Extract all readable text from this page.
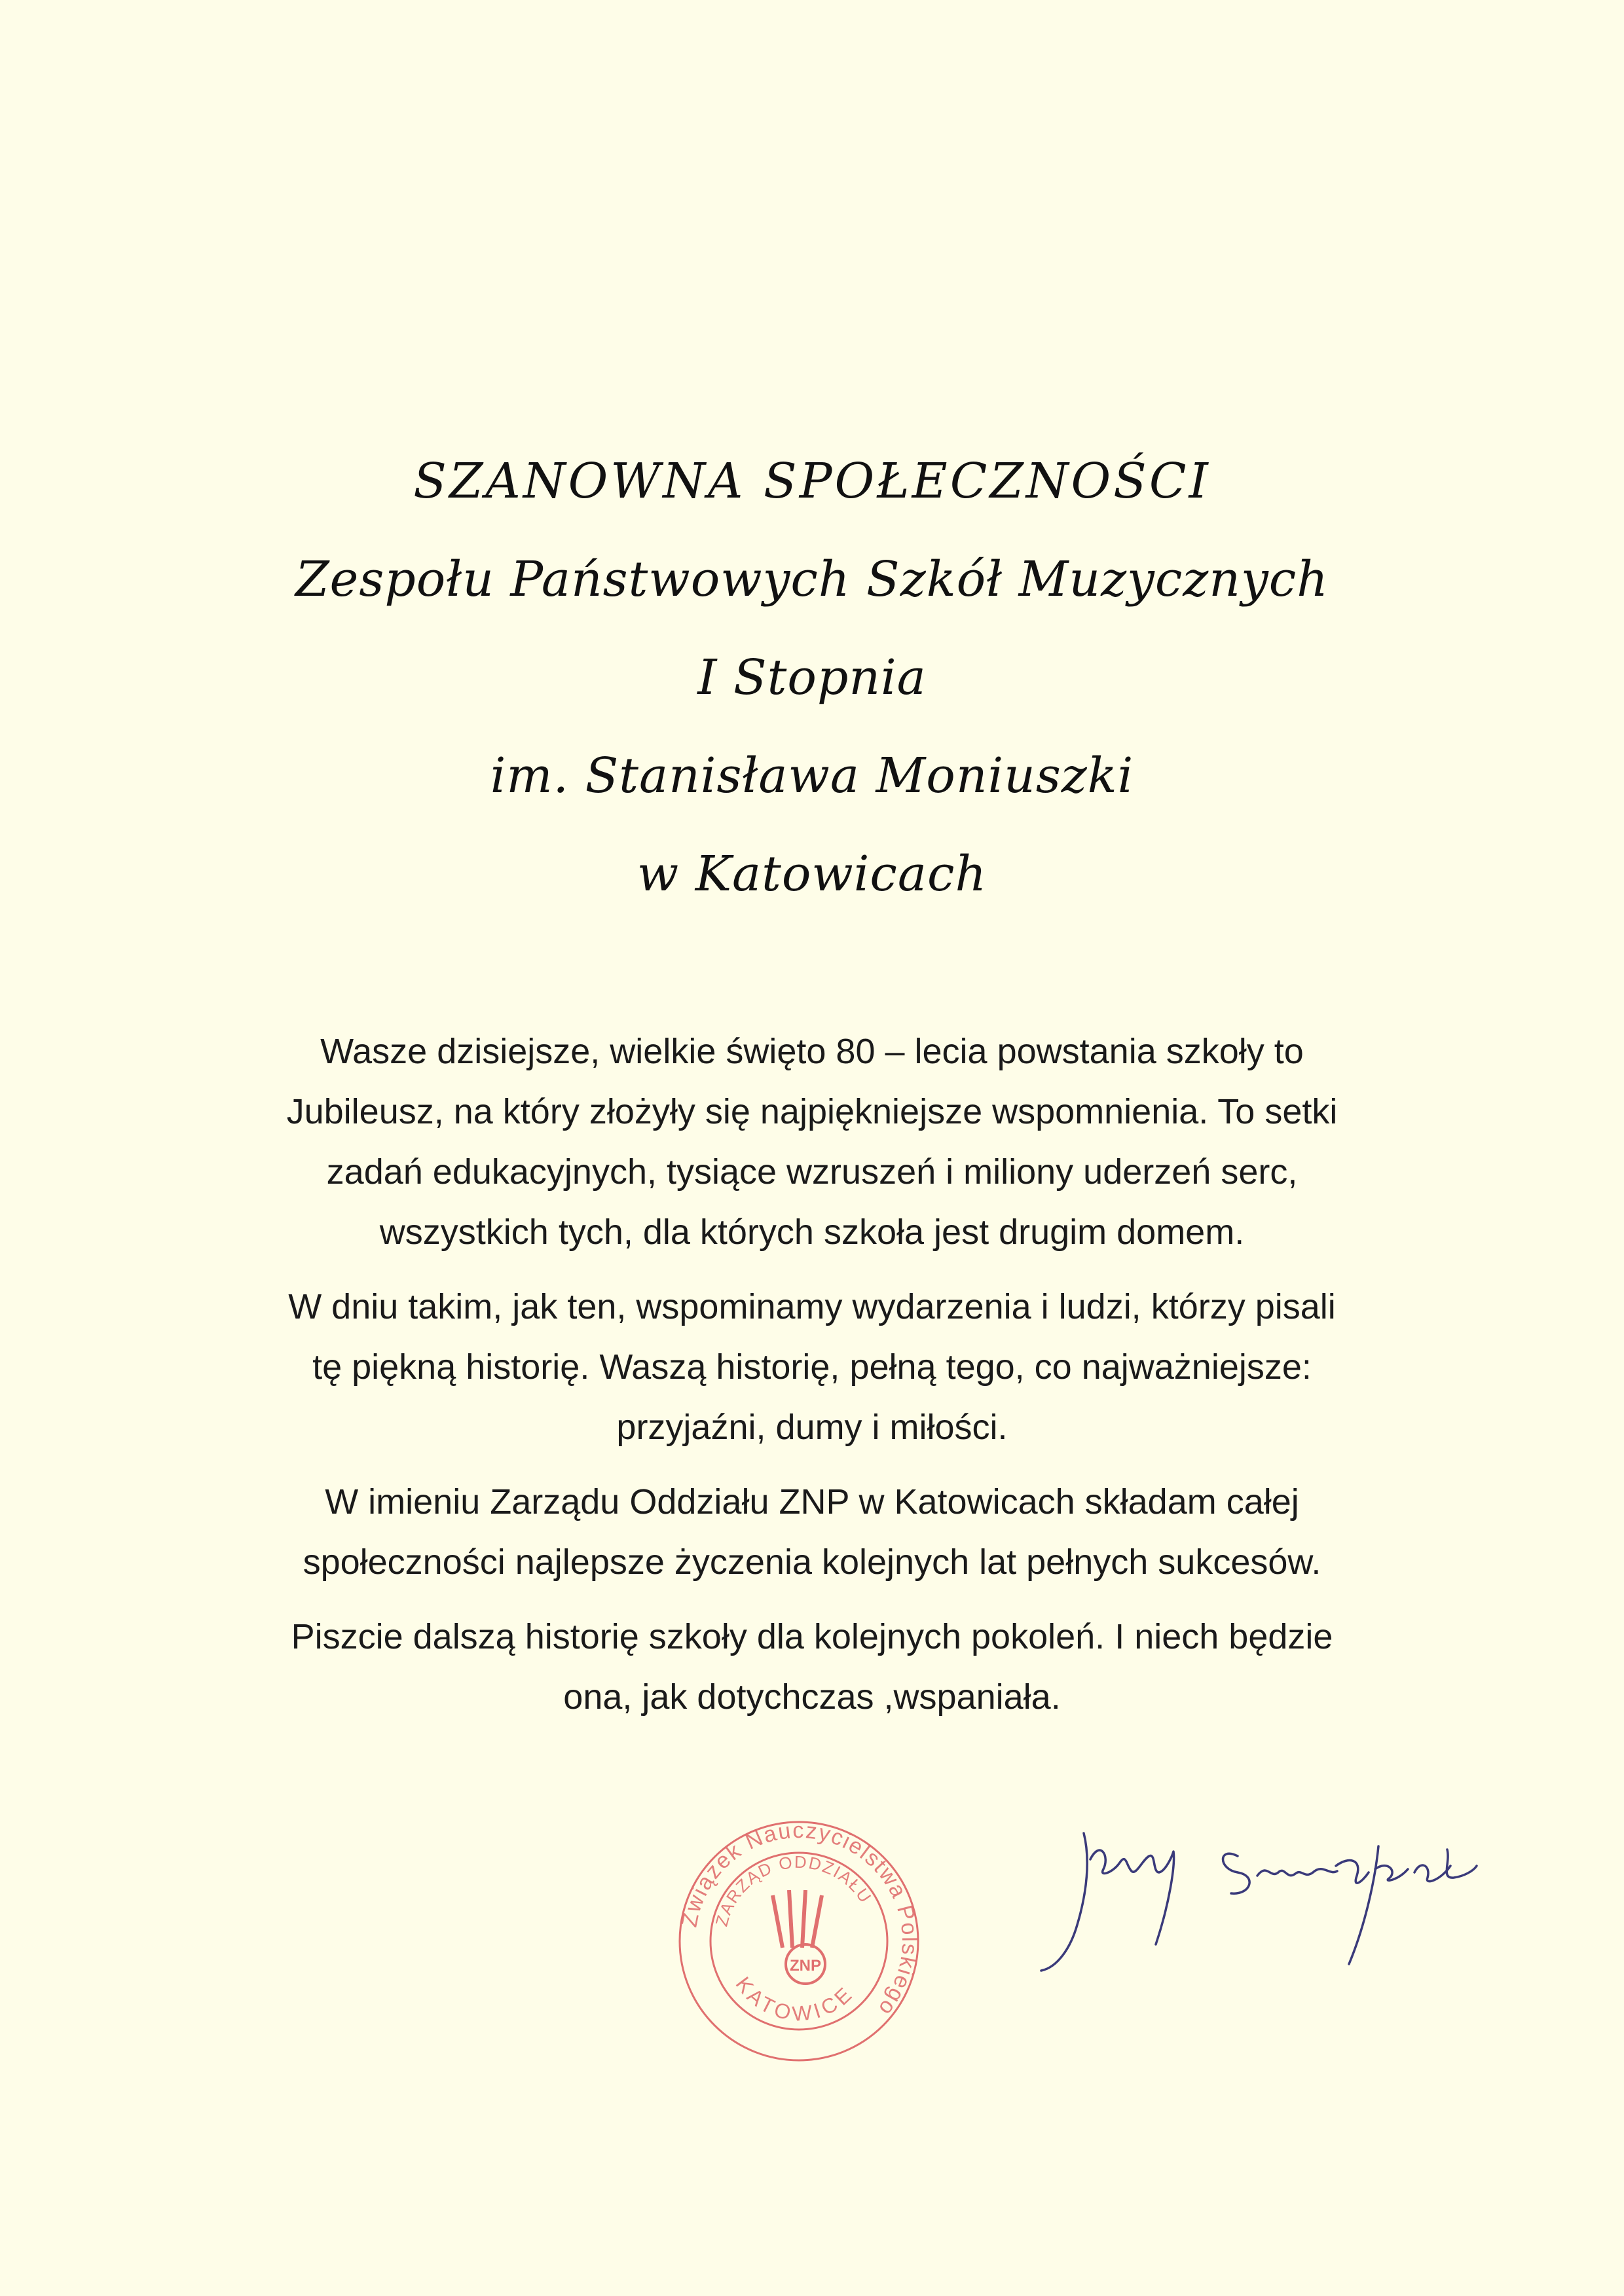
SZANOWNA SPOŁECZNOŚCI
Zespołu Państwowych Szkół Muzycznych
I Stopnia
im. Stanisława Moniuszki
w Katowicach

Wasze dzisiejsze, wielkie święto 80 – lecia powstania szkoły to
Jubileusz, na który złożyły się najpiękniejsze wspomnienia. To setki
zadań edukacyjnych, tysiące wzruszeń i miliony uderzeń serc,
wszystkich tych, dla których szkoła jest drugim domem.

W dniu takim, jak ten, wspominamy wydarzenia i ludzi, którzy pisali
tę piękną historię. Waszą historię, pełną tego, co najważniejsze:
przyjaźni, dumy i miłości.

W imieniu Zarządu Oddziału ZNP w Katowicach składam całej
społeczności najlepsze życzenia kolejnych lat pełnych sukcesów.

Piszcie dalszą historię szkoły dla kolejnych pokoleń. I niech będzie
ona, jak dotychczas ,wspaniała.

Związek Nauczycielstwa Polskiego
ZARZĄD ODDZIAŁU
KATOWICE
ZNP
